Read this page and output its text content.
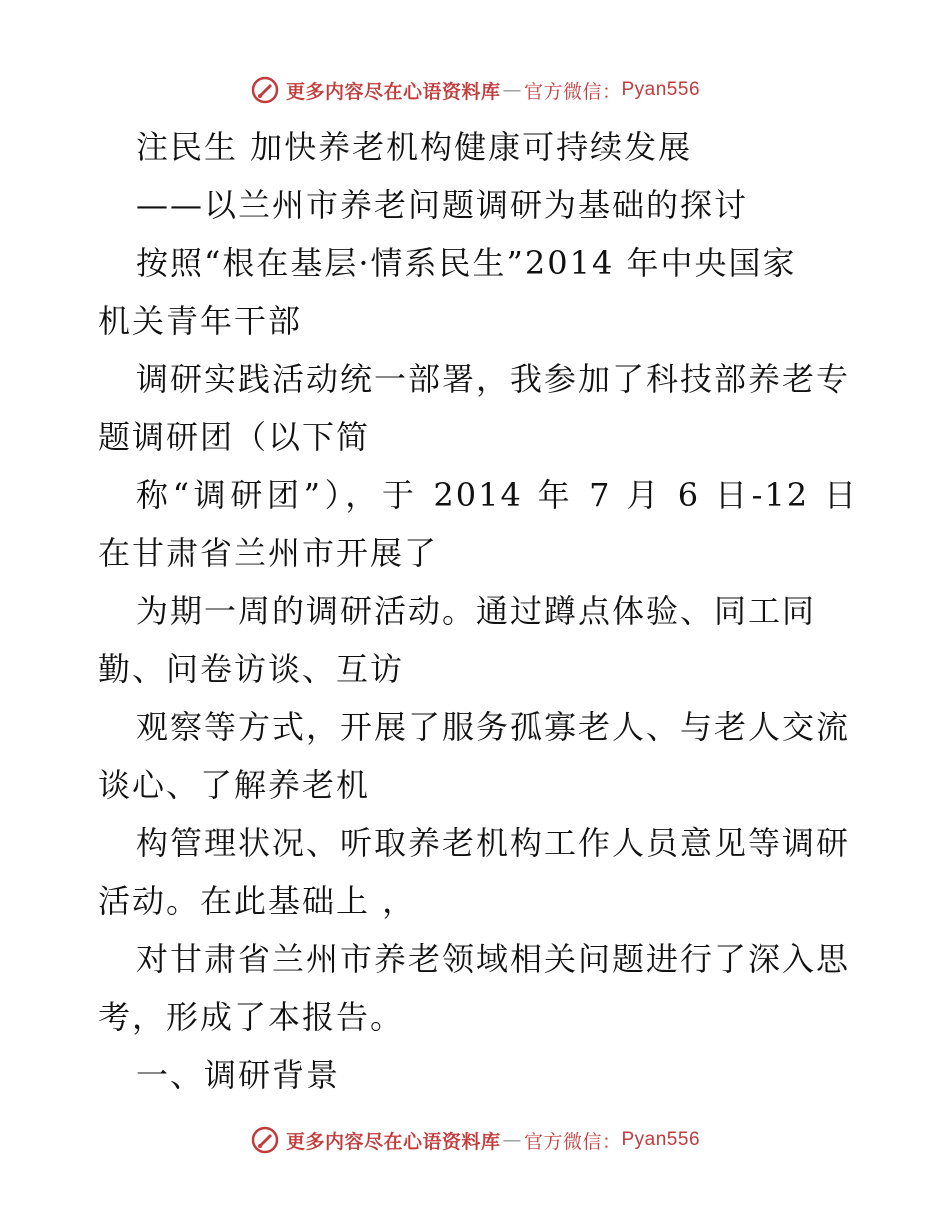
更多内容尽在心语资料库 — 官方微信： Pyan556
注民生 加快养老机构健康可持续发展
——以兰州市养老问题调研为基础的探讨
按照“根在基层·情系民生”2014 年中央国家
机关青年干部
调研实践活动统一部署，我参加了科技部养老专
题调研团（以下简
称“调研团”），于 2014 年 7 月 6 日-12 日
在甘肃省兰州市开展了
为期一周的调研活动。通过蹲点体验、同工同
勤、问卷访谈、互访
观察等方式，开展了服务孤寡老人、与老人交流
谈心、了解养老机
构管理状况、听取养老机构工作人员意见等调研
活动。在此基础上 ，
对甘肃省兰州市养老领域相关问题进行了深入思
考，形成了本报告。
一、调研背景
更多内容尽在心语资料库 — 官方微信： Pyan556
